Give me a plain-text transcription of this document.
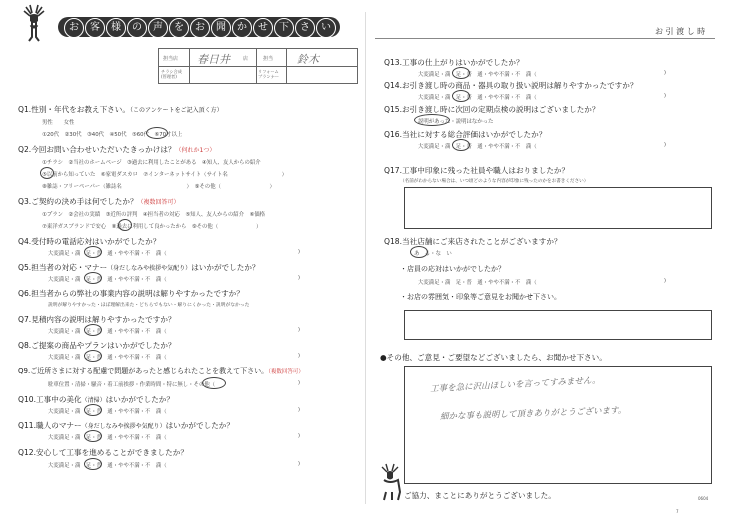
お	客	様	の	声	を	お	聞	か	せ	下	さ	い	お 引 渡 し 時
担当店 春日井	店	担当 鈴木
チラシ合成
(管理者)
リフォーム
プランナー
Q1.性別・年代をお教え下さい。（このアンケートをご記入頂く方）
男性　　女性
①20代　②30代　③40代　④50代　⑤60代　⑥70才以上
Q2.今回お問い合わせいただいたきっかけは？（何れか1つ）
①チラシ　②当社のホームページ　③過去に利用したことがある　④知人、友人からの紹介
⑤以前から知っていた　⑥家電ダスカロ　⑦インターネットサイト（サイト名　　　　　　　　　　）
⑧雑誌・フリーペーパー（雑誌名　　　　　　　　　　　　）　⑨その他（　　　　　　　　　）
Q3.ご契約の決め手は何でしたか？（複数回答可）
①プラン　②会社の実績　③近所の評判　④担当者の対応　⑤知人、友人からの紹介　⑥価格
⑦東洋ガスブランドで安心　⑧過去に利用して良かったから　⑨その他（　　　　　　　）
Q4.受付時の電話応対はいかがでしたか？
大変満足・満　足・普　通・やや不満・不　満（	)
Q5.担当者の対応・マナー（身だしなみや挨拶や気配り）はいかがでしたか？
大変満足・満　足・普　通・やや不満・不　満（	)
Q6.担当者からの弊社の事業内容の説明は解りやすかったですか？
説明が解りやすかった・ほぼ理解出来た・どちらでもない・解りにくかった・説明がなかった
Q7.見積内容の説明は解りやすかったですか？
大変満足・満　足・普　通・やや不満・不　満（	)
Q8.ご提案の商品やプランはいかがでしたか？
大変満足・満　足・普　通・やや不満・不　満（	)
Q9.ご近所さまに対する配慮で問題があったと感じられたことを教えて下さい。（複数回答可）
駐車位置・清掃・騒音・着工前挨拶・作業時間・特に無し・その他（	)
Q10.工事中の美化（清掃）はいかがでしたか？
大変満足・満　足・普　通・やや不満・不　満（	)
Q11.職人のマナー（身だしなみや挨拶や気配り）はいかがでしたか？
大変満足・満　足・普　通・やや不満・不　満（	)
Q12.安心して工事を進めることができましたか？
大変満足・満　足・普　通・やや不満・不　満（	)
Q13.工事の仕上がりはいかがでしたか？
大変満足・満　足・普　通・やや不満・不　満（	)
Q14.お引き渡し時の商品・器具の取り扱い説明は解りやすかったですか？
大変満足・満　足・普　通・やや不満・不　満（	)
Q15.お引き渡し時に次回の定期点検の説明はございましたか？
説明があった・説明はなかった
Q16.当社に対する総合評価はいかがでしたか？
大変満足・満　足・普　通・やや不満・不　満（	)
Q17.工事中印象に残った社員や職人はおりましたか？
（名前がわからない場合は、いつ頃どのような内容が印象に残ったのかをお書きください）
Q18.当社店舗にご来店されたことがございますか？
あ　る・な　い
・店員の応対はいかがでしたか？
大変満足・満　足・普　通・やや不満・不　満（	)
・お店の雰囲気・印象等ご意見をお聞かせ下さい。
●その他、ご意見・ご要望などございましたら、お聞かせ下さい。
工事を急に沢山ほしいを言ってすみません。
細かな事も説明して頂きありがとうございます。
ご協力、まことにありがとうございました。	0604
7
